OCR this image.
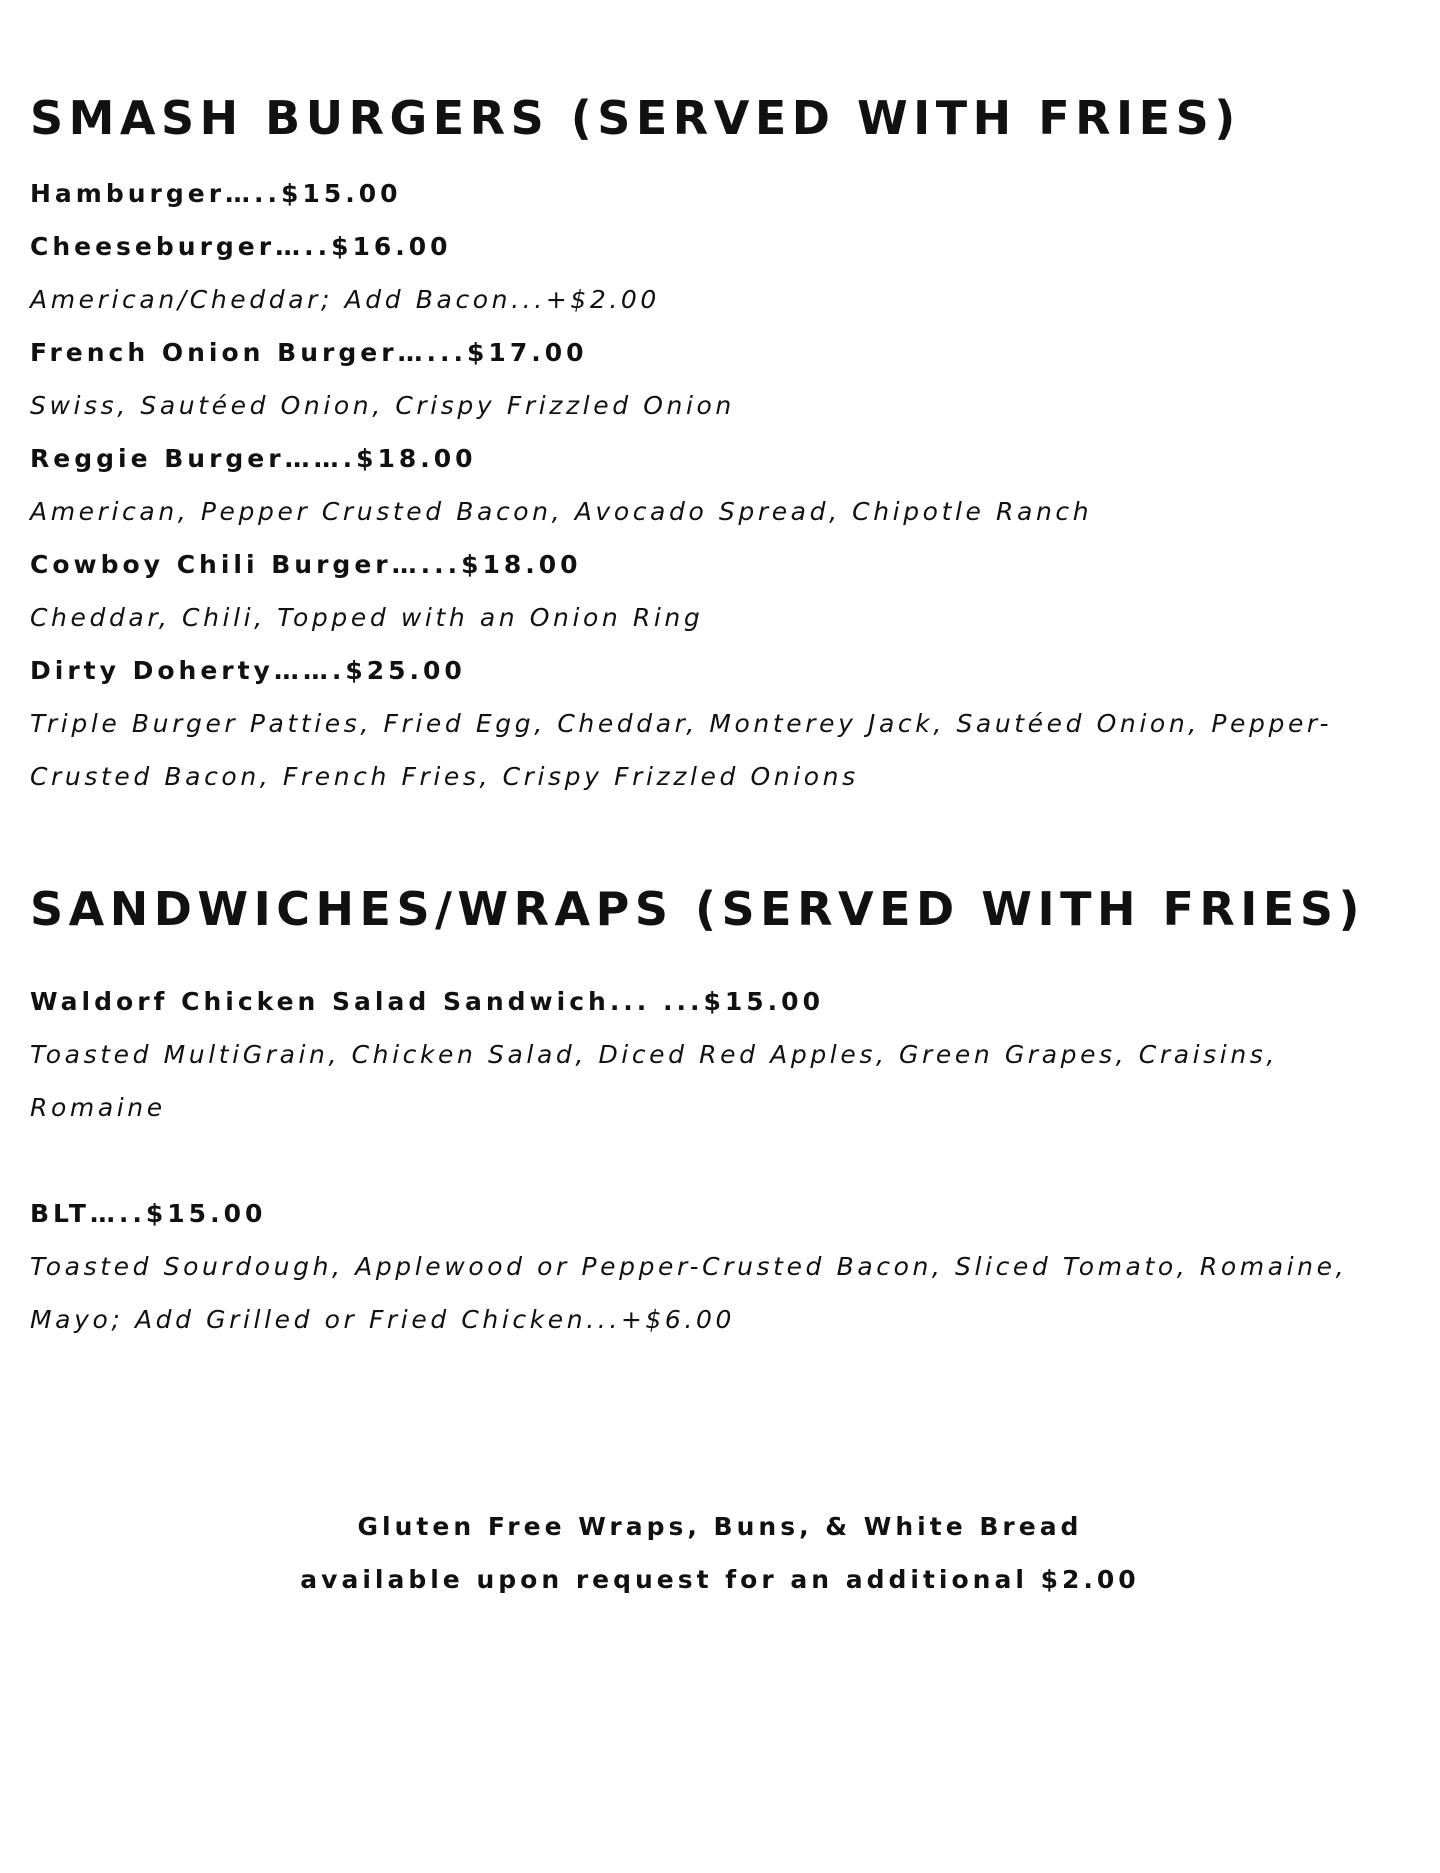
SMASH BURGERS (SERVED WITH FRIES)
Hamburger…..$15.00
Cheeseburger…..$16.00
American/Cheddar; Add Bacon...+$2.00
French Onion Burger…...$17.00
Swiss, Sautéed Onion, Crispy Frizzled Onion
Reggie Burger…….$18.00
American, Pepper Crusted Bacon, Avocado Spread, Chipotle Ranch
Cowboy Chili Burger…...$18.00
Cheddar, Chili, Topped with an Onion Ring
Dirty Doherty…….$25.00
Triple Burger Patties, Fried Egg, Cheddar, Monterey Jack, Sautéed Onion, Pepper-
Crusted Bacon, French Fries, Crispy Frizzled Onions
SANDWICHES/WRAPS (SERVED WITH FRIES)
Waldorf Chicken Salad Sandwich... ...$15.00
Toasted MultiGrain, Chicken Salad, Diced Red Apples, Green Grapes, Craisins,
Romaine
BLT…..$15.00
Toasted Sourdough, Applewood or Pepper-Crusted Bacon, Sliced Tomato, Romaine,
Mayo; Add Grilled or Fried Chicken...+$6.00
Gluten Free Wraps, Buns, & White Bread
available upon request for an additional $2.00
